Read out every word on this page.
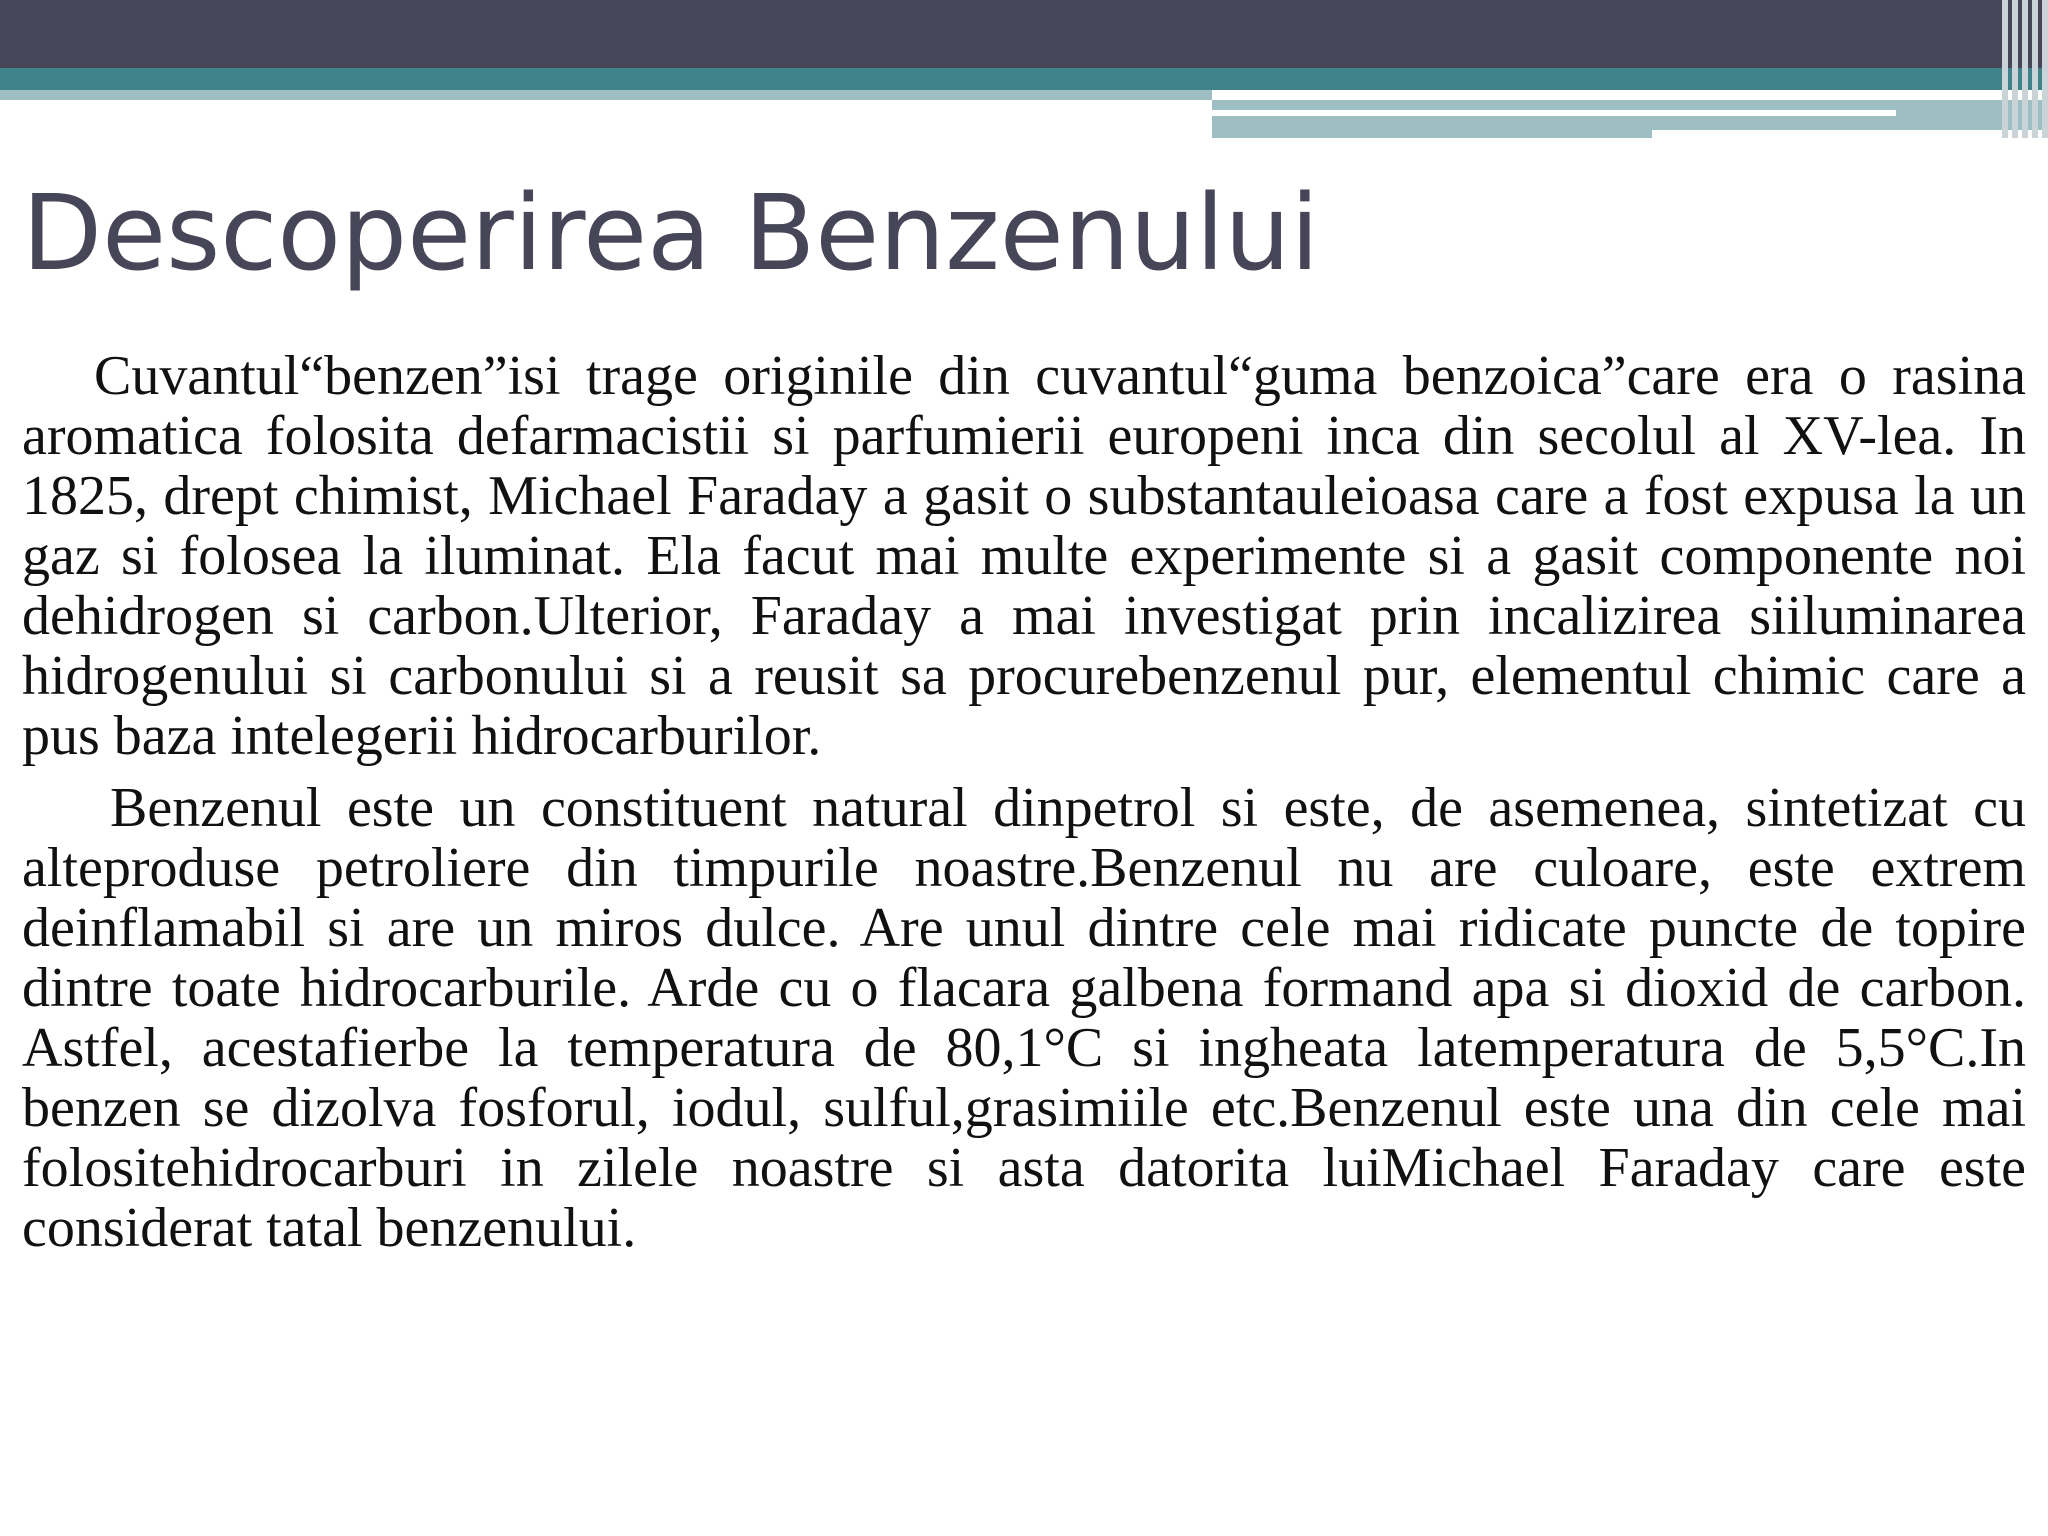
Descoperirea Benzenului

Cuvantul“benzen”isi trage originile din cuvantul“guma benzoica”care era o rasina aromatica folosita defarmacistii si parfumierii europeni inca din secolul al XV-lea. In 1825, drept chimist, Michael Faraday a gasit o substantauleioasa care a fost expusa la un gaz si folosea la iluminat. Ela facut mai multe experimente si a gasit componente noi dehidrogen si carbon.Ulterior, Faraday a mai investigat prin incalizirea siiluminarea hidrogenului si carbonului si a reusit sa procurebenzenul pur, elementul chimic care a pus baza intelegerii hidrocarburilor.

Benzenul este un constituent natural dinpetrol si este, de asemenea, sintetizat cu alteproduse petroliere din timpurile noastre.Benzenul nu are culoare, este extrem deinflamabil si are un miros dulce. Are unul dintre cele mai ridicate puncte de topire dintre toate hidrocarburile. Arde cu o flacara galbena formand apa si dioxid de carbon. Astfel, acestafierbe la temperatura de 80,1°C si ingheata latemperatura de 5,5°C.In benzen se dizolva fosforul, iodul, sulful,grasimiile etc.Benzenul este una din cele mai folositehidrocarburi in zilele noastre si asta datorita luiMichael Faraday care este considerat tatal benzenului.
